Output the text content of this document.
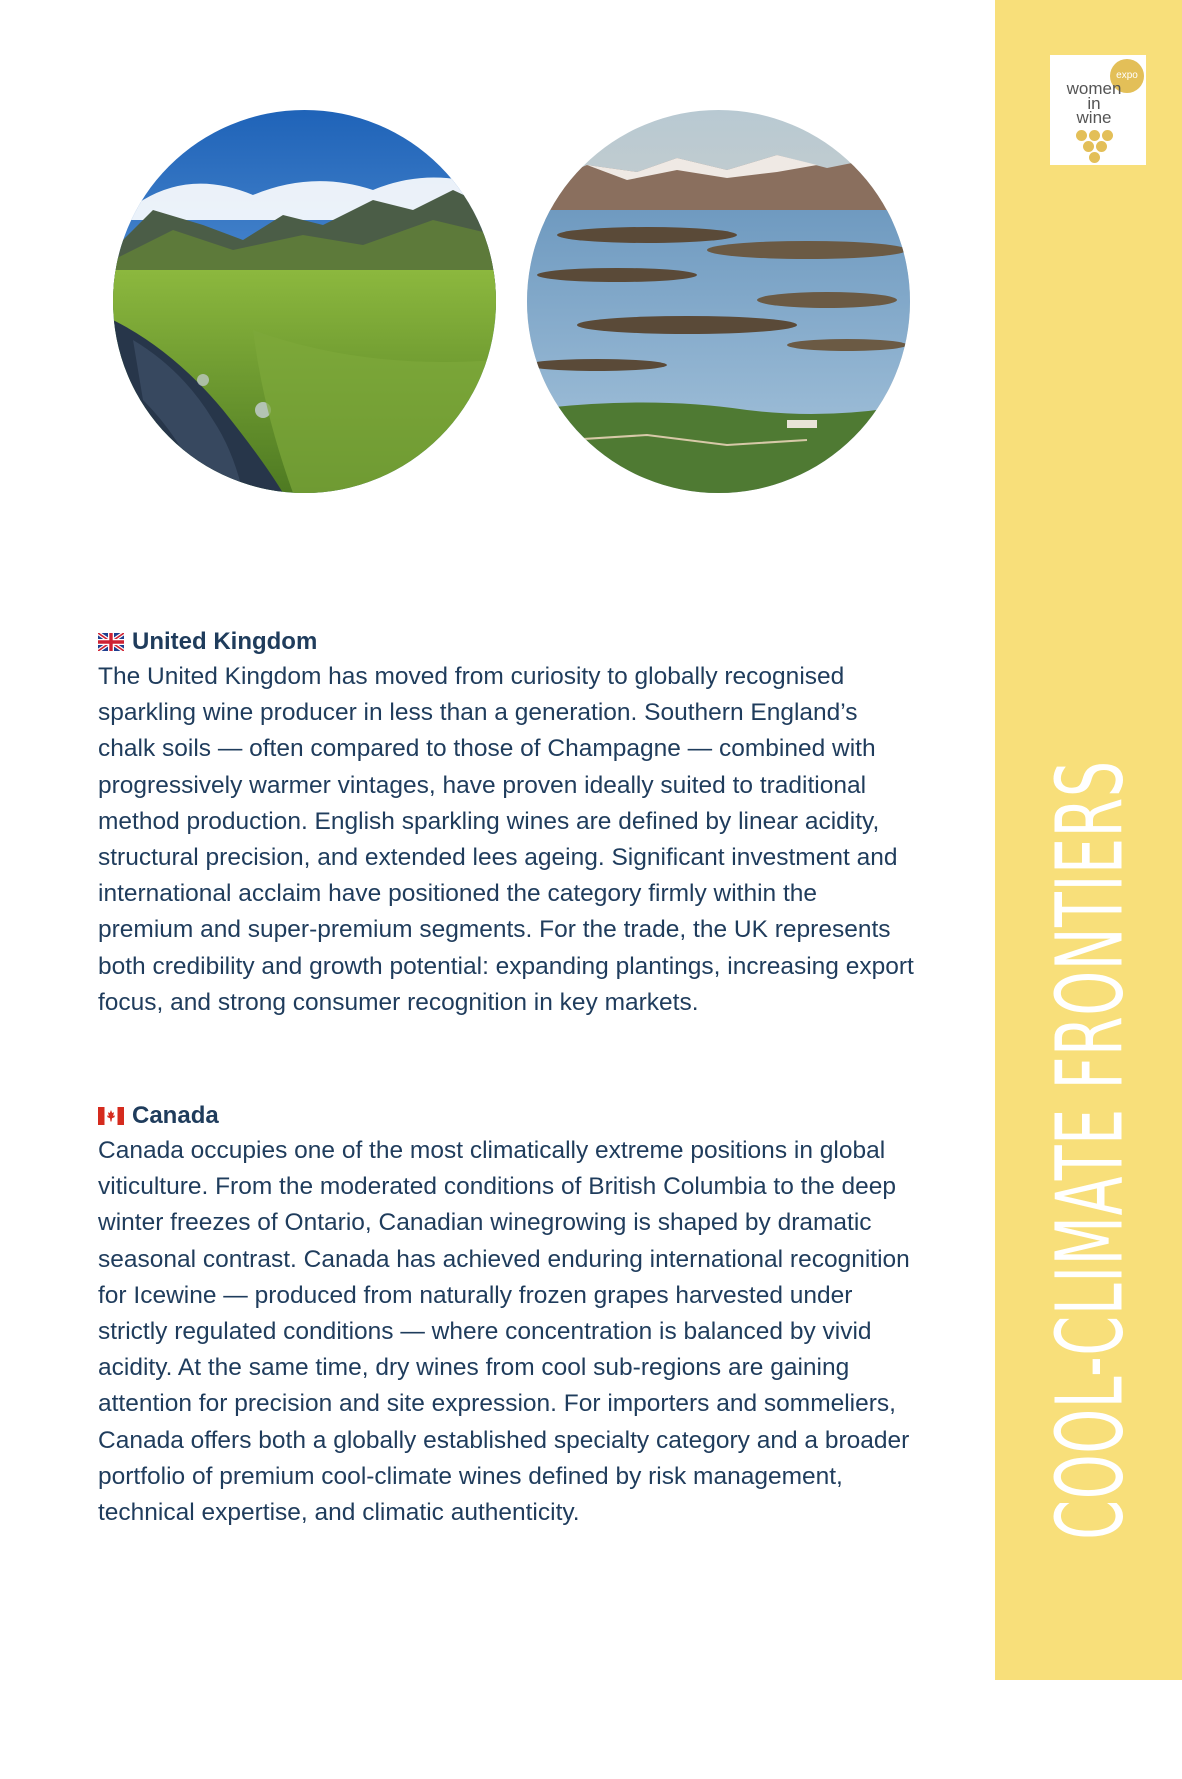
United Kingdom

The United Kingdom has moved from curiosity to globally recognised sparkling wine producer in less than a generation. Southern England’s chalk soils — often compared to those of Champagne — combined with progressively warmer vintages, have proven ideally suited to traditional method production. English sparkling wines are defined by linear acidity, structural precision, and extended lees ageing. Significant investment and international acclaim have positioned the category firmly within the premium and super-premium segments. For the trade, the UK represents both credibility and growth potential: expanding plantings, increasing export focus, and strong consumer recognition in key markets.

Canada

Canada occupies one of the most climatically extreme positions in global viticulture. From the moderated conditions of British Columbia to the deep winter freezes of Ontario, Canadian winegrowing is shaped by dramatic seasonal contrast. Canada has achieved enduring international recognition for Icewine — produced from naturally frozen grapes harvested under strictly regulated conditions — where concentration is balanced by vivid acidity. At the same time, dry wines from cool sub-regions are gaining attention for precision and site expression. For importers and sommeliers, Canada offers both a globally established specialty category and a broader portfolio of premium cool-climate wines defined by risk management, technical expertise, and climatic authenticity.

expo
women
in
wine
COOL-CLIMATE FRONTIERS
